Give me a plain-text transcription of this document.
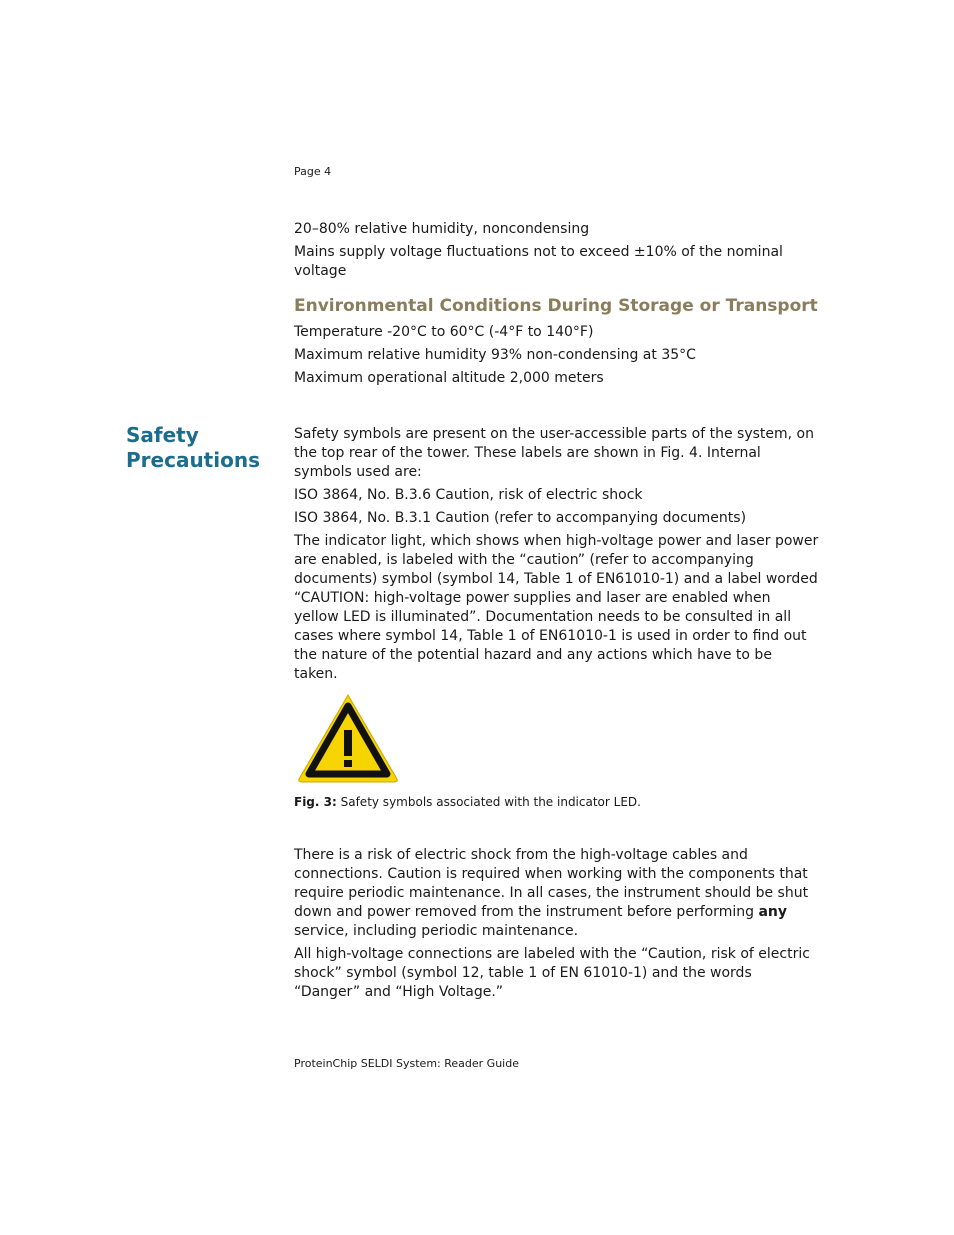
Page 4

20–80% relative humidity, noncondensing

Mains supply voltage fluctuations not to exceed ±10% of the nominal voltage

Environmental Conditions During Storage or Transport

Temperature -20°C to 60°C (-4°F to 140°F)

Maximum relative humidity 93% non-condensing at 35°C

Maximum operational altitude 2,000 meters

Safety
Precautions

Safety symbols are present on the user-accessible parts of the system, on the top rear of the tower. These labels are shown in Fig. 4. Internal symbols used are:

ISO 3864, No. B.3.6 Caution, risk of electric shock

ISO 3864, No. B.3.1 Caution (refer to accompanying documents)

The indicator light, which shows when high-voltage power and laser power are enabled, is labeled with the “caution” (refer to accompanying documents) symbol (symbol 14, Table 1 of EN61010-1) and a label worded “CAUTION: high-voltage power supplies and laser are enabled when yellow LED is illuminated”. Documentation needs to be consulted in all cases where symbol 14, Table 1 of EN61010-1 is used in order to find out the nature of the potential hazard and any actions which have to be taken.

Fig. 3: Safety symbols associated with the indicator LED.

There is a risk of electric shock from the high-voltage cables and connections. Caution is required when working with the components that require periodic maintenance. In all cases, the instrument should be shut down and power removed from the instrument before performing any service, including periodic maintenance.

All high-voltage connections are labeled with the “Caution, risk of electric shock” symbol (symbol 12, table 1 of EN 61010-1) and the words “Danger” and “High Voltage.”

ProteinChip SELDI System: Reader Guide
